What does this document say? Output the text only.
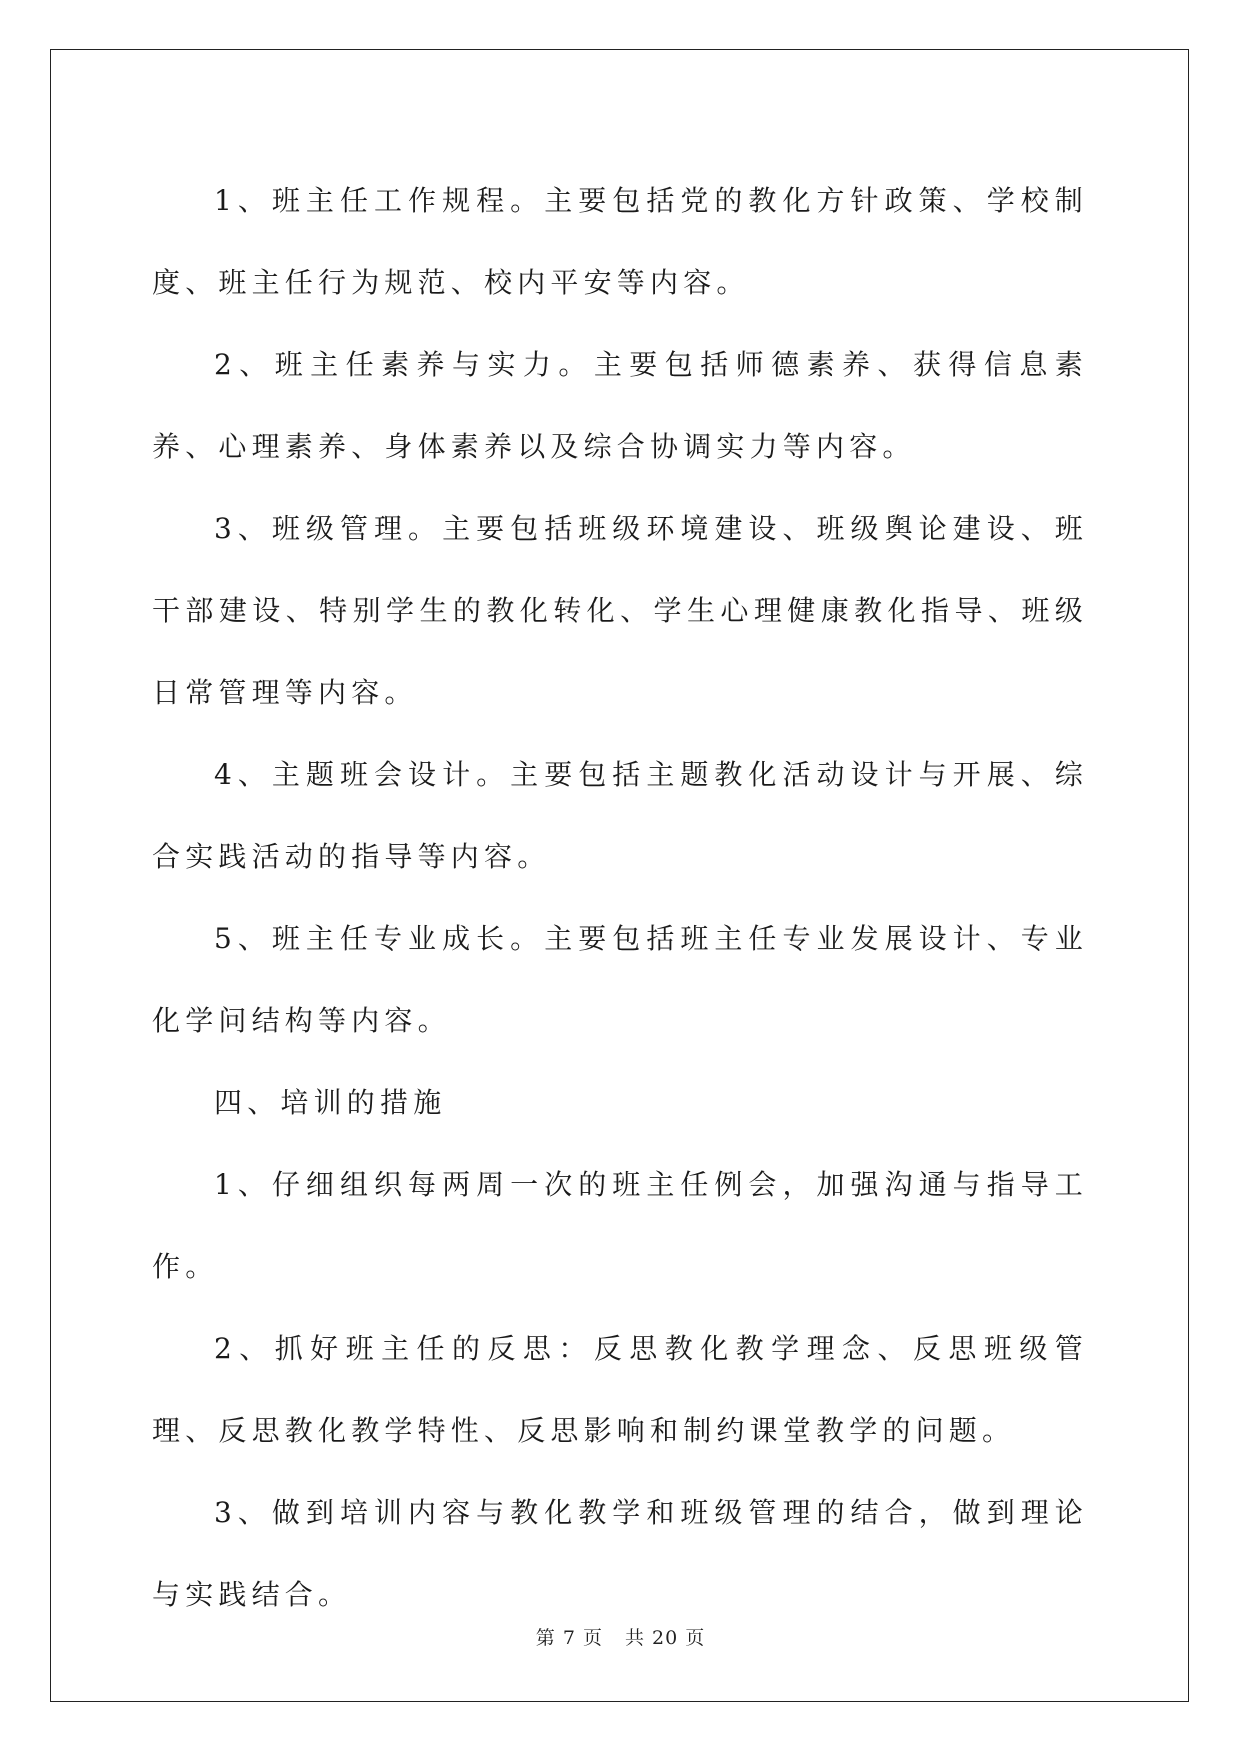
1、班主任工作规程。主要包括党的教化方针政策、学校制度、班主任行为规范、校内平安等内容。

2、班主任素养与实力。主要包括师德素养、获得信息素养、心理素养、身体素养以及综合协调实力等内容。

3、班级管理。主要包括班级环境建设、班级舆论建设、班干部建设、特别学生的教化转化、学生心理健康教化指导、班级日常管理等内容。

4、主题班会设计。主要包括主题教化活动设计与开展、综合实践活动的指导等内容。

5、班主任专业成长。主要包括班主任专业发展设计、专业化学问结构等内容。

四、培训的措施

1、仔细组织每两周一次的班主任例会，加强沟通与指导工作。

2、抓好班主任的反思：反思教化教学理念、反思班级管理、反思教化教学特性、反思影响和制约课堂教学的问题。

3、做到培训内容与教化教学和班级管理的结合，做到理论与实践结合。

第 7 页 共 20 页
